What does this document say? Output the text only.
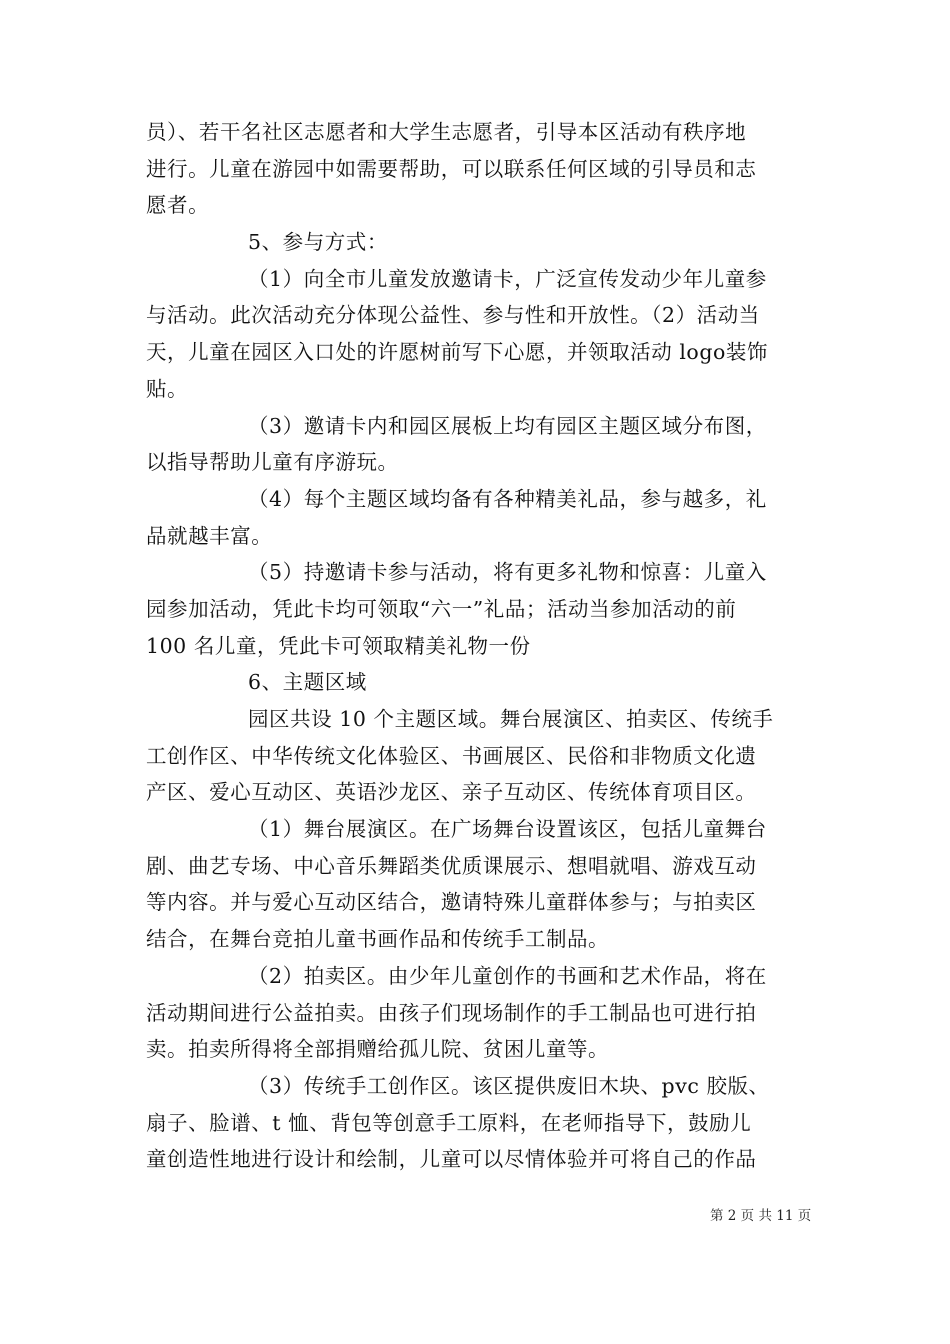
员）、若干名社区志愿者和大学生志愿者，引导本区活动有秩序地
进行。儿童在游园中如需要帮助，可以联系任何区域的引导员和志
愿者。
5、参与方式：
（1）向全市儿童发放邀请卡，广泛宣传发动少年儿童参
与活动。此次活动充分体现公益性、参与性和开放性。（2）活动当
天，儿童在园区入口处的许愿树前写下心愿，并领取活动 logo装饰
贴。
（3）邀请卡内和园区展板上均有园区主题区域分布图，
以指导帮助儿童有序游玩。
（4）每个主题区域均备有各种精美礼品，参与越多，礼
品就越丰富。
（5）持邀请卡参与活动，将有更多礼物和惊喜：儿童入
园参加活动，凭此卡均可领取“六一”礼品；活动当参加活动的前
100 名儿童，凭此卡可领取精美礼物一份
6、主题区域
园区共设 10 个主题区域。舞台展演区、拍卖区、传统手
工创作区、中华传统文化体验区、书画展区、民俗和非物质文化遗
产区、爱心互动区、英语沙龙区、亲子互动区、传统体育项目区。
（1）舞台展演区。在广场舞台设置该区，包括儿童舞台
剧、曲艺专场、中心音乐舞蹈类优质课展示、想唱就唱、游戏互动
等内容。并与爱心互动区结合，邀请特殊儿童群体参与；与拍卖区
结合，在舞台竞拍儿童书画作品和传统手工制品。
（2）拍卖区。由少年儿童创作的书画和艺术作品，将在
活动期间进行公益拍卖。由孩子们现场制作的手工制品也可进行拍
卖。拍卖所得将全部捐赠给孤儿院、贫困儿童等。
（3）传统手工创作区。该区提供废旧木块、pvc 胶版、
扇子、脸谱、t 恤、背包等创意手工原料，在老师指导下，鼓励儿
童创造性地进行设计和绘制，儿童可以尽情体验并可将自己的作品
第 2 页 共 11 页
